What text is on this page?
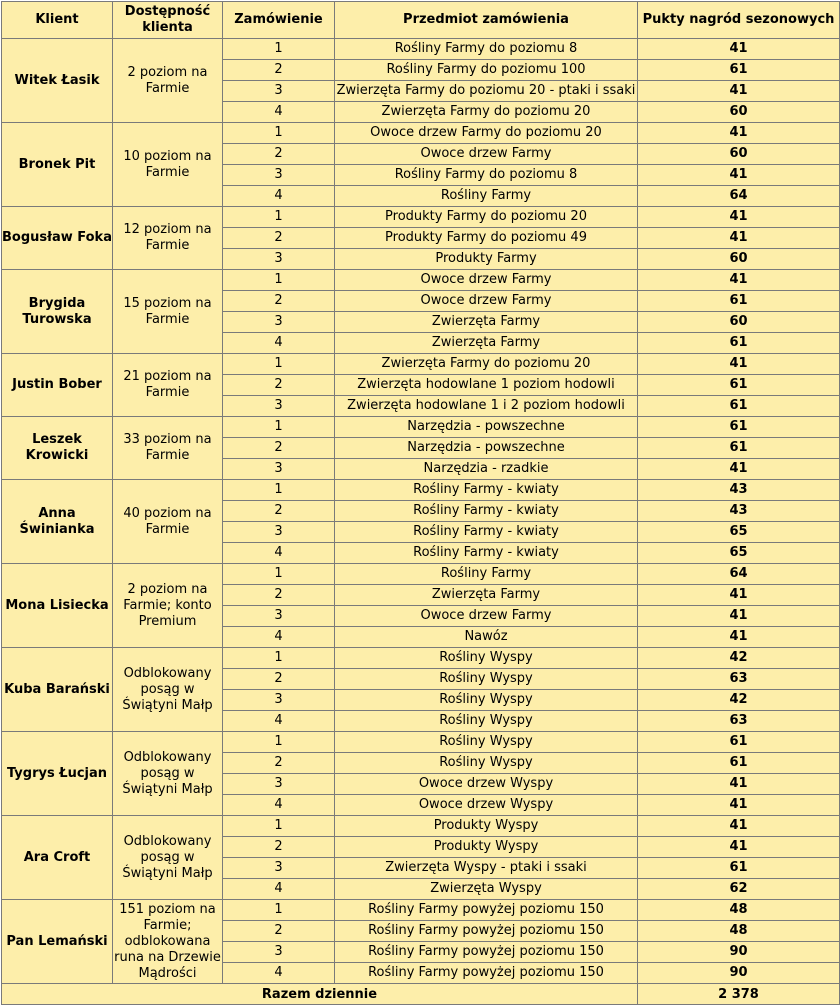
Klient	Dostępność klienta	Zamówienie	Przedmiot zamówienia	Pukty nagród sezonowych
Witek Łasik	2 poziom na Farmie	1	Rośliny Farmy do poziomu 8	41
		2	Rośliny Farmy do poziomu 100	61
		3	Zwierzęta Farmy do poziomu 20 - ptaki i ssaki	41
		4	Zwierzęta Farmy do poziomu 20	60
Bronek Pit	10 poziom na Farmie	1	Owoce drzew Farmy do poziomu 20	41
		2	Owoce drzew Farmy	60
		3	Rośliny Farmy do poziomu 8	41
		4	Rośliny Farmy	64
Bogusław Foka	12 poziom na Farmie	1	Produkty Farmy do poziomu 20	41
		2	Produkty Farmy do poziomu 49	41
		3	Produkty Farmy	60
Brygida Turowska	15 poziom na Farmie	1	Owoce drzew Farmy	41
		2	Owoce drzew Farmy	61
		3	Zwierzęta Farmy	60
		4	Zwierzęta Farmy	61
Justin Bober	21 poziom na Farmie	1	Zwierzęta Farmy do poziomu 20	41
		2	Zwierzęta hodowlane 1 poziom hodowli	61
		3	Zwierzęta hodowlane 1 i 2 poziom hodowli	61
Leszek Krowicki	33 poziom na Farmie	1	Narzędzia - powszechne	61
		2	Narzędzia - powszechne	61
		3	Narzędzia - rzadkie	41
Anna Świnianka	40 poziom na Farmie	1	Rośliny Farmy - kwiaty	43
		2	Rośliny Farmy - kwiaty	43
		3	Rośliny Farmy - kwiaty	65
		4	Rośliny Farmy - kwiaty	65
Mona Lisiecka	2 poziom na Farmie; konto Premium	1	Rośliny Farmy	64
		2	Zwierzęta Farmy	41
		3	Owoce drzew Farmy	41
		4	Nawóz	41
Kuba Barański	Odblokowany posąg w Świątyni Małp	1	Rośliny Wyspy	42
		2	Rośliny Wyspy	63
		3	Rośliny Wyspy	42
		4	Rośliny Wyspy	63
Tygrys Łucjan	Odblokowany posąg w Świątyni Małp	1	Rośliny Wyspy	61
		2	Rośliny Wyspy	61
		3	Owoce drzew Wyspy	41
		4	Owoce drzew Wyspy	41
Ara Croft	Odblokowany posąg w Świątyni Małp	1	Produkty Wyspy	41
		2	Produkty Wyspy	41
		3	Zwierzęta Wyspy - ptaki i ssaki	61
		4	Zwierzęta Wyspy	62
Pan Lemański	151 poziom na Farmie; odblokowana runa na Drzewie Mądrości	1	Rośliny Farmy powyżej poziomu 150	48
		2	Rośliny Farmy powyżej poziomu 150	48
		3	Rośliny Farmy powyżej poziomu 150	90
		4	Rośliny Farmy powyżej poziomu 150	90
Razem dziennie				2 378
